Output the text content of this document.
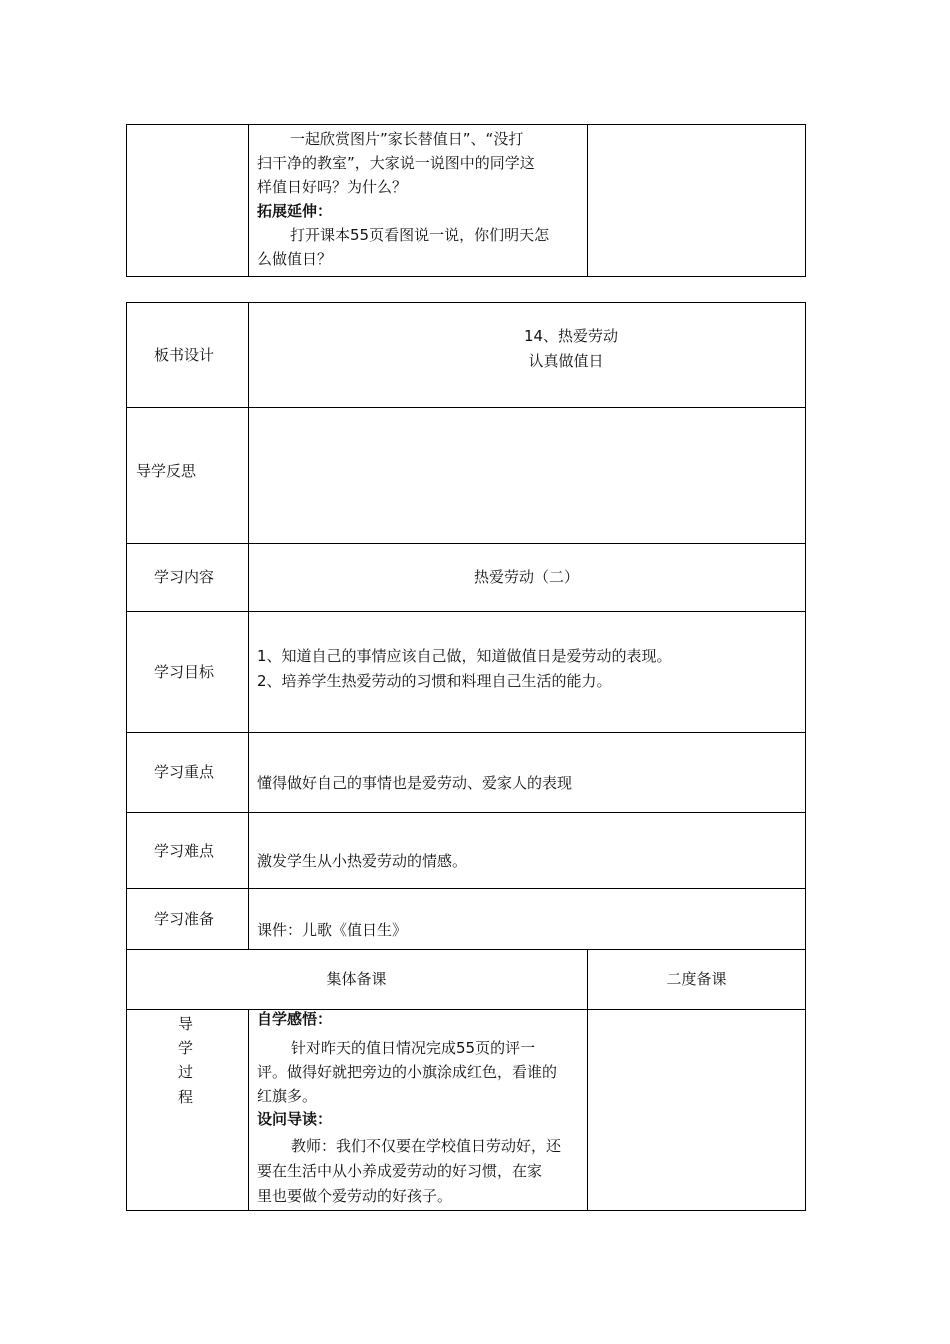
一起欣赏图片”家长替值日”、“没打
扫干净的教室”，大家说一说图中的同学这
样值日好吗？为什么？
拓展延伸：
打开课本55页看图说一说，你们明天怎
么做值日？
板书设计
14、热爱劳动
认真做值日
导学反思
学习内容	热爱劳动（二）
学习目标
1、知道自己的事情应该自己做，知道做值日是爱劳动的表现。
2、培养学生热爱劳动的习惯和料理自己生活的能力。
学习重点
懂得做好自己的事情也是爱劳动、爱家人的表现
学习难点
激发学生从小热爱劳动的情感。
学习准备
课件：儿歌《值日生》
集体备课	二度备课
导
学
过
程
自学感悟：
针对昨天的值日情况完成55页的评一
评。做得好就把旁边的小旗涂成红色，看谁的
红旗多。
设问导读：
教师：我们不仅要在学校值日劳动好，还
要在生活中从小养成爱劳动的好习惯，在家
里也要做个爱劳动的好孩子。
